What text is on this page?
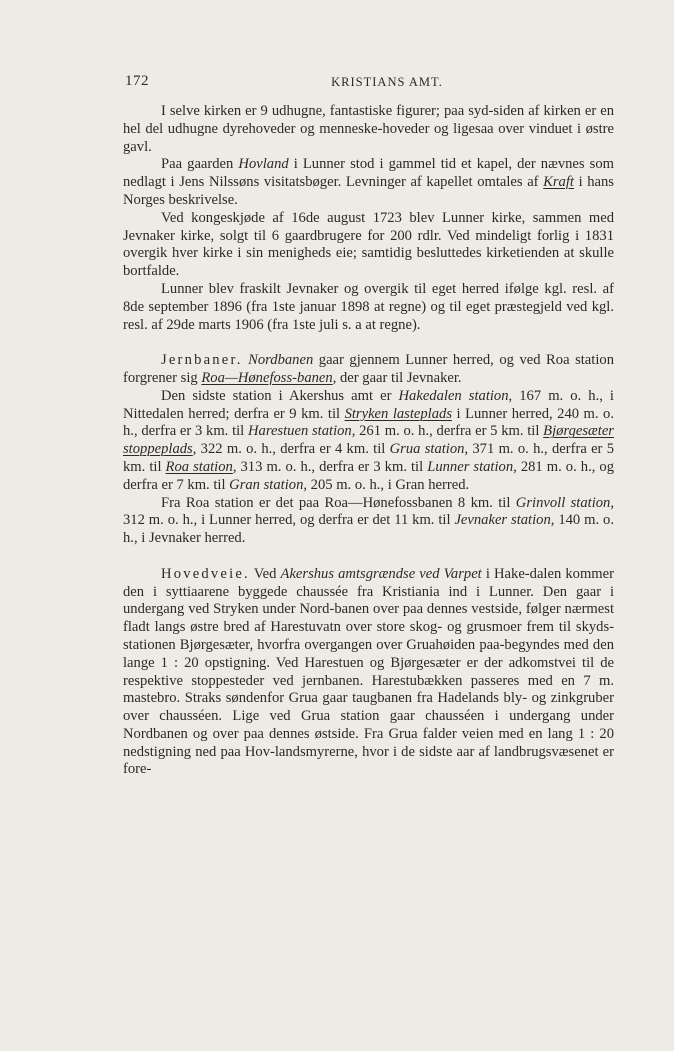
172	KRISTIANS AMT.

I selve kirken er 9 udhugne, fantastiske figurer; paa syd-siden af kirken er en hel del udhugne dyrehoveder og menneske-hoveder og ligesaa over vinduet i østre gavl.

Paa gaarden Hovland i Lunner stod i gammel tid et kapel, der nævnes som nedlagt i Jens Nilssøns visitatsbøger. Levninger af kapellet omtales af Kraft i hans Norges beskrivelse.

Ved kongeskjøde af 16de august 1723 blev Lunner kirke, sammen med Jevnaker kirke, solgt til 6 gaardbrugere for 200 rdlr. Ved mindeligt forlig i 1831 overgik hver kirke i sin menigheds eie; samtidig besluttedes kirketienden at skulle bortfalde.

Lunner blev fraskilt Jevnaker og overgik til eget herred ifølge kgl. resl. af 8de september 1896 (fra 1ste januar 1898 at regne) og til eget præstegjeld ved kgl. resl. af 29de marts 1906 (fra 1ste juli s. a at regne).

Jernbaner. Nordbanen gaar gjennem Lunner herred, og ved Roa station forgrener sig Roa—Hønefoss-banen, der gaar til Jevnaker.

Den sidste station i Akershus amt er Hakedalen station, 167 m. o. h., i Nittedalen herred; derfra er 9 km. til Stryken lasteplads i Lunner herred, 240 m. o. h., derfra er 3 km. til Harestuen station, 261 m. o. h., derfra er 5 km. til Bjørgesæter stoppeplads, 322 m. o. h., derfra er 4 km. til Grua station, 371 m. o. h., derfra er 5 km. til Roa station, 313 m. o. h., derfra er 3 km. til Lunner station, 281 m. o. h., og derfra er 7 km. til Gran station, 205 m. o. h., i Gran herred.

Fra Roa station er det paa Roa—Hønefossbanen 8 km. til Grinvoll station, 312 m. o. h., i Lunner herred, og derfra er det 11 km. til Jevnaker station, 140 m. o. h., i Jevnaker herred.

Hovedveie. Ved Akershus amtsgrændse ved Varpet i Hake-dalen kommer den i syttiaarene byggede chaussée fra Kristiania ind i Lunner. Den gaar i undergang ved Stryken under Nord-banen over paa dennes vestside, følger nærmest fladt langs østre bred af Harestuvatn over store skog- og grusmoer frem til skyds-stationen Bjørgesæter, hvorfra overgangen over Gruahøiden paa-begyndes med den lange 1 : 20 opstigning. Ved Harestuen og Bjørgesæter er der adkomstvei til de respektive stoppesteder ved jernbanen. Harestubækken passeres med en 7 m. mastebro. Straks søndenfor Grua gaar taugbanen fra Hadelands bly- og zinkgruber over chausséen. Lige ved Grua station gaar chausséen i undergang under Nordbanen og over paa dennes østside. Fra Grua falder veien med en lang 1 : 20 nedstigning ned paa Hov-landsmyrerne, hvor i de sidste aar af landbrugsvæsenet er fore-
